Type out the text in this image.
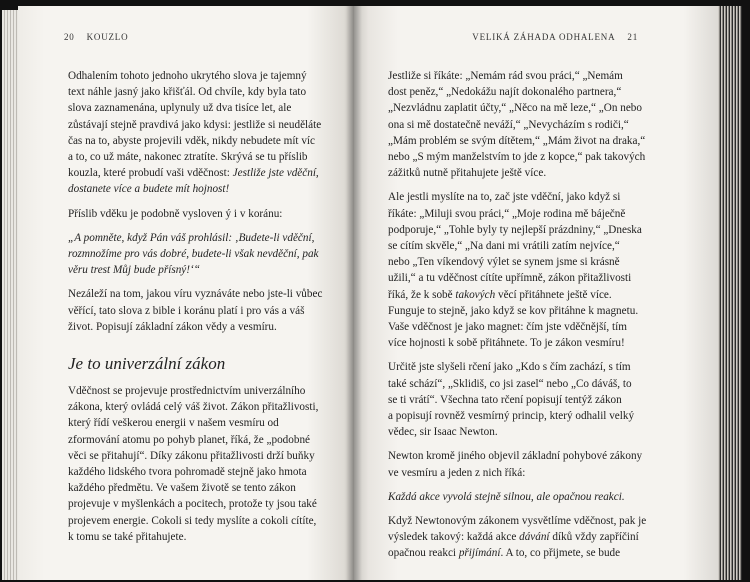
20 KOUZLO

Odhalením tohoto jednoho ukrytého slova je tajemný
text náhle jasný jako křišťál. Od chvíle, kdy byla tato
slova zaznamenána, uplynuly už dva tisíce let, ale
zůstávají stejně pravdivá jako kdysi: jestliže si neuděláte
čas na to, abyste projevili vděk, nikdy nebudete mít víc
a to, co už máte, nakonec ztratíte. Skrývá se tu příslib
kouzla, které probudí vaši vděčnost: Jestliže jste vděční,
dostanete více a budete mít hojnost!

Příslib vděku je podobně vysloven ý i v koránu:

„A pomněte, když Pán váš prohlásil: ‚Budete-li vděční,
rozmnožíme pro vás dobré, budete-li však nevděční, pak
věru trest Můj bude přísný!‘“

Nezáleží na tom, jakou víru vyznáváte nebo jste-li vůbec
věřící, tato slova z bible i koránu platí i pro vás a váš
život. Popisují základní zákon vědy a vesmíru.

Je to univerzální zákon

Vděčnost se projevuje prostřednictvím univerzálního
zákona, který ovládá celý váš život. Zákon přitažlivosti,
který řídí veškerou energii v našem vesmíru od
zformování atomu po pohyb planet, říká, že „podobné
věci se přitahují“. Díky zákonu přitažlivosti drží buňky
každého lidského tvora pohromadě stejně jako hmota
každého předmětu. Ve vašem životě se tento zákon
projevuje v myšlenkách a pocitech, protože ty jsou také
projevem energie. Cokoli si tedy myslíte a cokoli cítíte,
k tomu se také přitahujete.

VELIKÁ ZÁHADA ODHALENA 21

Jestliže si říkáte: „Nemám rád svou práci,“ „Nemám
dost peněz,“ „Nedokážu najít dokonalého partnera,“
„Nezvládnu zaplatit účty,“ „Něco na mě leze,“ „On nebo
ona si mě dostatečně neváží,“ „Nevycházím s rodiči,“
„Mám problém se svým dítětem,“ „Mám život na draka,“
nebo „S mým manželstvím to jde z kopce,“ pak takových
zážitků nutně přitahujete ještě více.

Ale jestli myslíte na to, zač jste vděční, jako když si
říkáte: „Miluji svou práci,“ „Moje rodina mě báječně
podporuje,“ „Tohle byly ty nejlepší prázdniny,“ „Dneska
se cítím skvěle,“ „Na dani mi vrátili zatím nejvíce,“
nebo „Ten víkendový výlet se synem jsme si krásně
užili,“ a tu vděčnost cítíte upřímně, zákon přitažlivosti
říká, že k sobě takových věcí přitáhnete ještě více.
Funguje to stejně, jako když se kov přitáhne k magnetu.
Vaše vděčnost je jako magnet: čím jste vděčnější, tím
více hojnosti k sobě přitáhnete. To je zákon vesmíru!

Určitě jste slyšeli rčení jako „Kdo s čím zachází, s tím
také schází“, „Sklidiš, co jsi zasel“ nebo „Co dáváš, to
se ti vrátí“. Všechna tato rčení popisují tentýž zákon
a popisují rovněž vesmírný princip, který odhalil velký
vědec, sir Isaac Newton.

Newton kromě jiného objevil základní pohybové zákony
ve vesmíru a jeden z nich říká:

Každá akce vyvolá stejně silnou, ale opačnou reakci.

Když Newtonovým zákonem vysvětlíme vděčnost, pak je
výsledek takový: každá akce dávání díků vždy zapříčiní
opačnou reakci přijímání. A to, co přijmete, se bude
